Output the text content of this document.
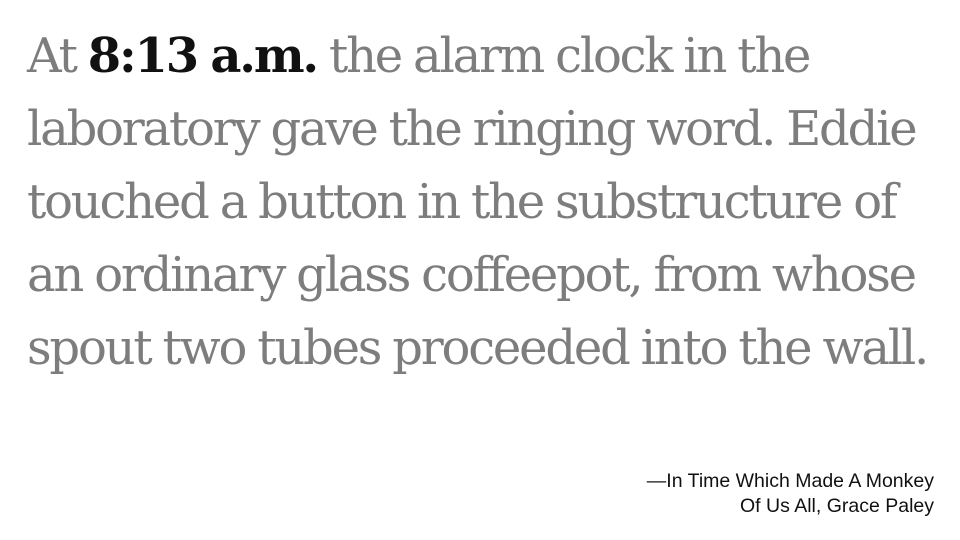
At 8:13 a.m. the alarm clock in the laboratory gave the ringing word. Eddie touched a button in the substructure of an ordinary glass coffeepot, from whose spout two tubes proceeded into the wall.

—In Time Which Made A Monkey
Of Us All, Grace Paley
